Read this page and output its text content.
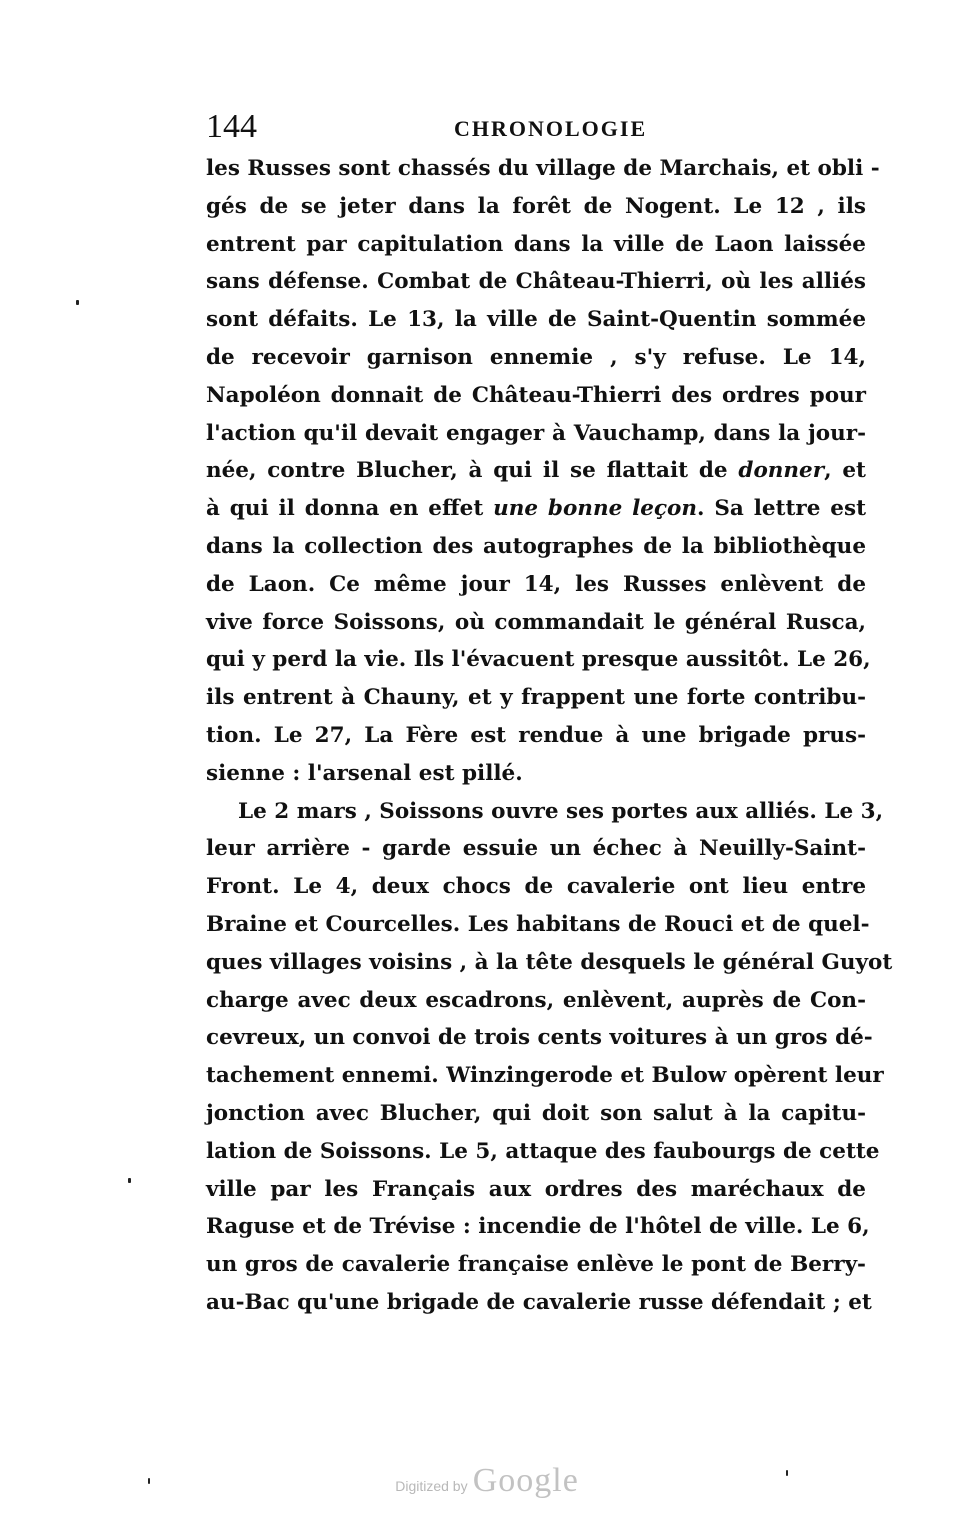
144	CHRONOLOGIE
les Russes sont chassés du village de Marchais, et obli -
gés de se jeter dans la forêt de Nogent. Le 12 , ils
entrent par capitulation dans la ville de Laon laissée
sans défense. Combat de Château-Thierri, où les alliés
sont défaits. Le 13, la ville de Saint-Quentin sommée
de recevoir garnison ennemie , s'y refuse. Le 14,
Napoléon donnait de Château-Thierri des ordres pour
l'action qu'il devait engager à Vauchamp, dans la jour-
née, contre Blucher, à qui il se flattait de donner, et
à qui il donna en effet une bonne leçon. Sa lettre est
dans la collection des autographes de la bibliothèque
de Laon. Ce même jour 14, les Russes enlèvent de
vive force Soissons, où commandait le général Rusca,
qui y perd la vie. Ils l'évacuent presque aussitôt. Le 26,
ils entrent à Chauny, et y frappent une forte contribu-
tion. Le 27, La Fère est rendue à une brigade prus-
sienne : l'arsenal est pillé.
Le 2 mars , Soissons ouvre ses portes aux alliés. Le 3,
leur arrière - garde essuie un échec à Neuilly-Saint-
Front. Le 4, deux chocs de cavalerie ont lieu entre
Braine et Courcelles. Les habitans de Rouci et de quel-
ques villages voisins , à la tête desquels le général Guyot
charge avec deux escadrons, enlèvent, auprès de Con-
cevreux, un convoi de trois cents voitures à un gros dé-
tachement ennemi. Winzingerode et Bulow opèrent leur
jonction avec Blucher, qui doit son salut à la capitu-
lation de Soissons. Le 5, attaque des faubourgs de cette
ville par les Français aux ordres des maréchaux de
Raguse et de Trévise : incendie de l'hôtel de ville. Le 6,
un gros de cavalerie française enlève le pont de Berry-
au-Bac qu'une brigade de cavalerie russe défendait ; et
Digitized by Google
